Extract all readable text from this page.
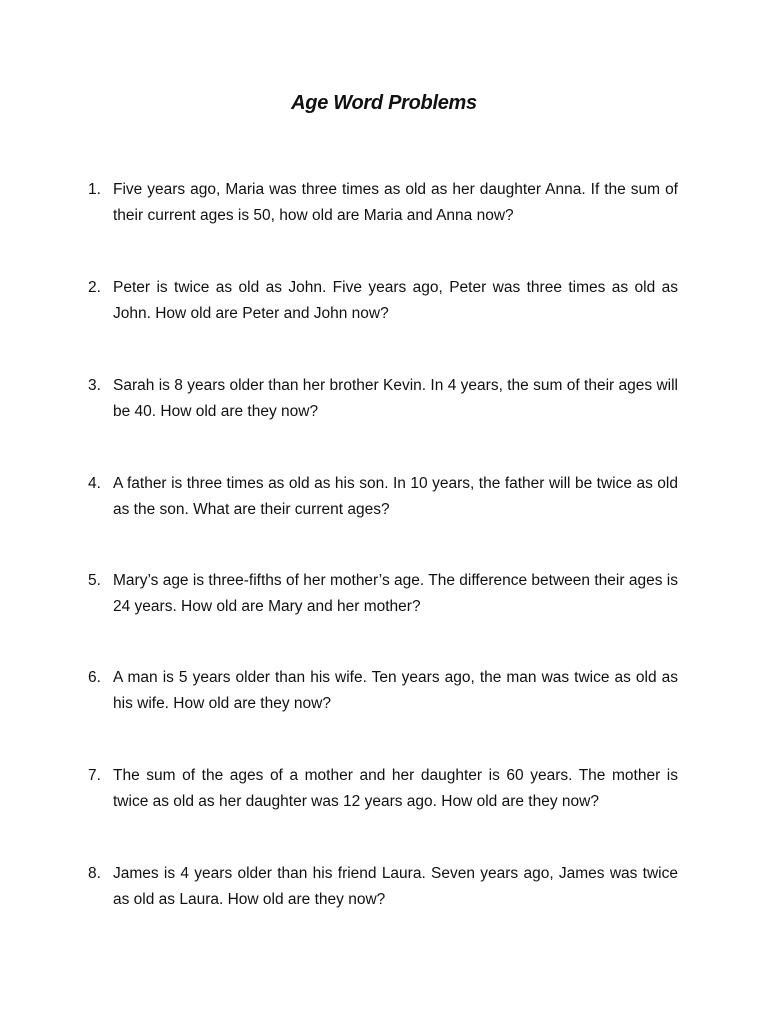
Age Word Problems
1. Five years ago, Maria was three times as old as her daughter Anna. If the sum of their current ages is 50, how old are Maria and Anna now?
2. Peter is twice as old as John. Five years ago, Peter was three times as old as John. How old are Peter and John now?
3. Sarah is 8 years older than her brother Kevin. In 4 years, the sum of their ages will be 40. How old are they now?
4. A father is three times as old as his son. In 10 years, the father will be twice as old as the son. What are their current ages?
5. Mary’s age is three-fifths of her mother’s age. The difference between their ages is 24 years. How old are Mary and her mother?
6. A man is 5 years older than his wife. Ten years ago, the man was twice as old as his wife. How old are they now?
7. The sum of the ages of a mother and her daughter is 60 years. The mother is twice as old as her daughter was 12 years ago. How old are they now?
8. James is 4 years older than his friend Laura. Seven years ago, James was twice as old as Laura. How old are they now?
